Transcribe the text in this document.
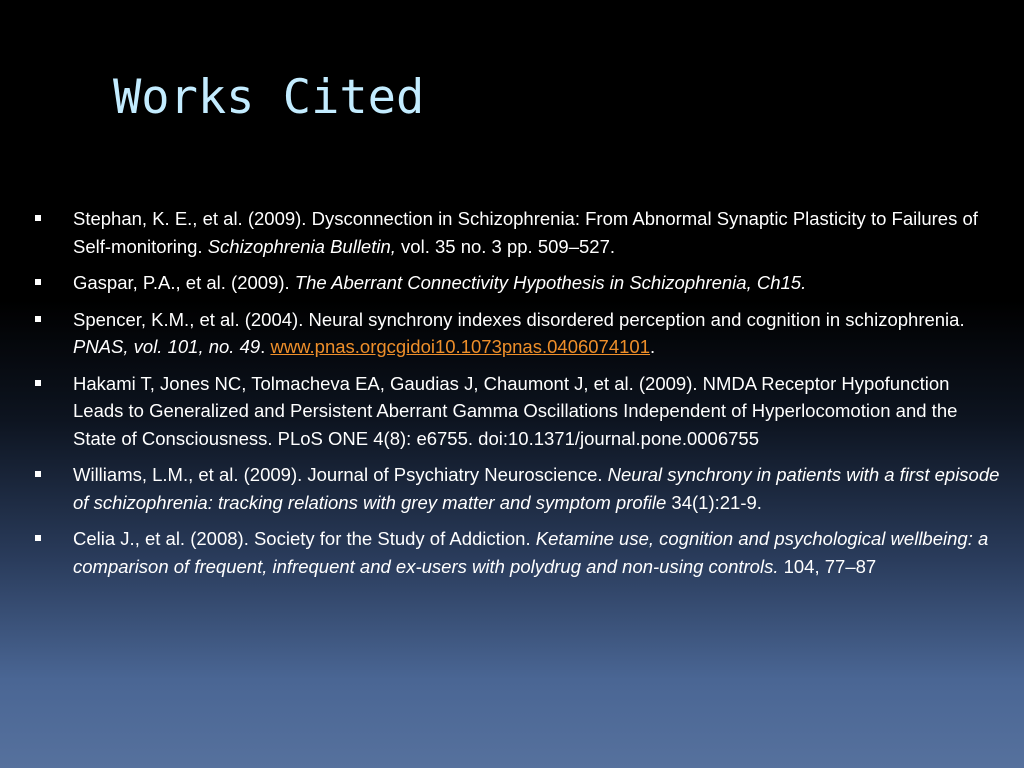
Works Cited
Stephan, K. E., et al. (2009). Dysconnection in Schizophrenia: From Abnormal Synaptic Plasticity to Failures of Self-monitoring. Schizophrenia Bulletin, vol. 35 no. 3 pp. 509–527.
Gaspar, P.A., et al. (2009). The Aberrant Connectivity Hypothesis in Schizophrenia, Ch15.
Spencer, K.M., et al. (2004). Neural synchrony indexes disordered perception and cognition in schizophrenia. PNAS, vol. 101, no. 49. www.pnas.orgcgidoi10.1073pnas.0406074101.
Hakami T, Jones NC, Tolmacheva EA, Gaudias J, Chaumont J, et al. (2009). NMDA Receptor Hypofunction Leads to Generalized and Persistent Aberrant Gamma Oscillations Independent of Hyperlocomotion and the State of Consciousness. PLoS ONE 4(8): e6755. doi:10.1371/journal.pone.0006755
Williams, L.M., et al. (2009). Journal of Psychiatry Neuroscience. Neural synchrony in patients with a first episode of schizophrenia: tracking relations with grey matter and symptom profile 34(1):21-9.
Celia J., et al. (2008). Society for the Study of Addiction. Ketamine use, cognition and psychological wellbeing: a comparison of frequent, infrequent and ex-users with polydrug and non-using controls. 104, 77–87
